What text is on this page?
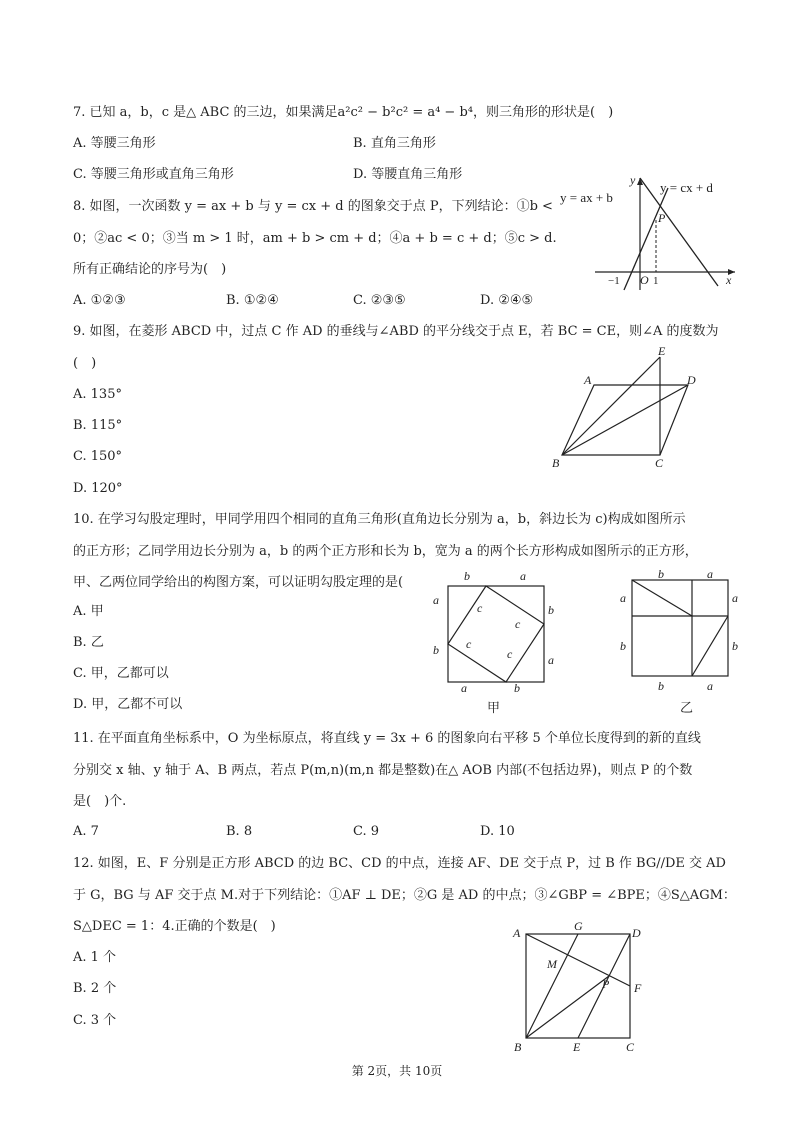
7. 已知 a，b，c 是△ ABC 的三边，如果满足a²c² − b²c² = a⁴ − b⁴，则三角形的形状是(　)
A. 等腰三角形	B. 直角三角形
C. 等腰三角形或直角三角形	D. 等腰直角三角形
8. 如图，一次函数 y = ax + b 与 y = cx + d 的图象交于点 P，下列结论：①b <
0；②ac < 0；③当 m > 1 时，am + b > cm + d；④a + b = c + d；⑤c > d.
所有正确结论的序号为(　)
A. ①②③	B. ①②④	C. ②③⑤	D. ②④⑤
y = ax + b
y = cx + d
y
x
P
O
−1	1
9. 如图，在菱形 ABCD 中，过点 C 作 AD 的垂线与∠ABD 的平分线交于点 E，若 BC = CE，则∠A 的度数为
(　)
A. 135°
B. 115°
C. 150°
D. 120°
A
B	C
D
E
10. 在学习勾股定理时，甲同学用四个相同的直角三角形(直角边长分别为 a，b，斜边长为 c)构成如图所示
的正方形；乙同学用边长分别为 a，b 的两个正方形和长为 b，宽为 a 的两个长方形构成如图所示的正方形，
甲、乙两位同学给出的构图方案，可以证明勾股定理的是(
A. 甲
B. 乙
C. 甲，乙都可以
D. 甲，乙都不可以
b	a
a
b
b
a
a	b
c
c
c
c
甲
b	a
a
b
a
b
b	a
乙
11. 在平面直角坐标系中，O 为坐标原点，将直线 y = 3x + 6 的图象向右平移 5 个单位长度得到的新的直线
分别交 x 轴、y 轴于 A、B 两点，若点 P(m,n)(m,n 都是整数)在△ AOB 内部(不包括边界)，则点 P 的个数
是(　)个.
A. 7	B. 8	C. 9	D. 10
12. 如图，E、F 分别是正方形 ABCD 的边 BC、CD 的中点，连接 AF、DE 交于点 P，过 B 作 BG//DE 交 AD
于 G，BG 与 AF 交于点 M.对于下列结论：①AF ⊥ DE；②G 是 AD 的中点；③∠GBP = ∠BPE；④S△AGM：
S△DEC = 1：4.正确的个数是(　)
A. 1 个
B. 2 个
C. 3 个
A
B	C
D
E
F
G
M
P
第 2页，共 10页
